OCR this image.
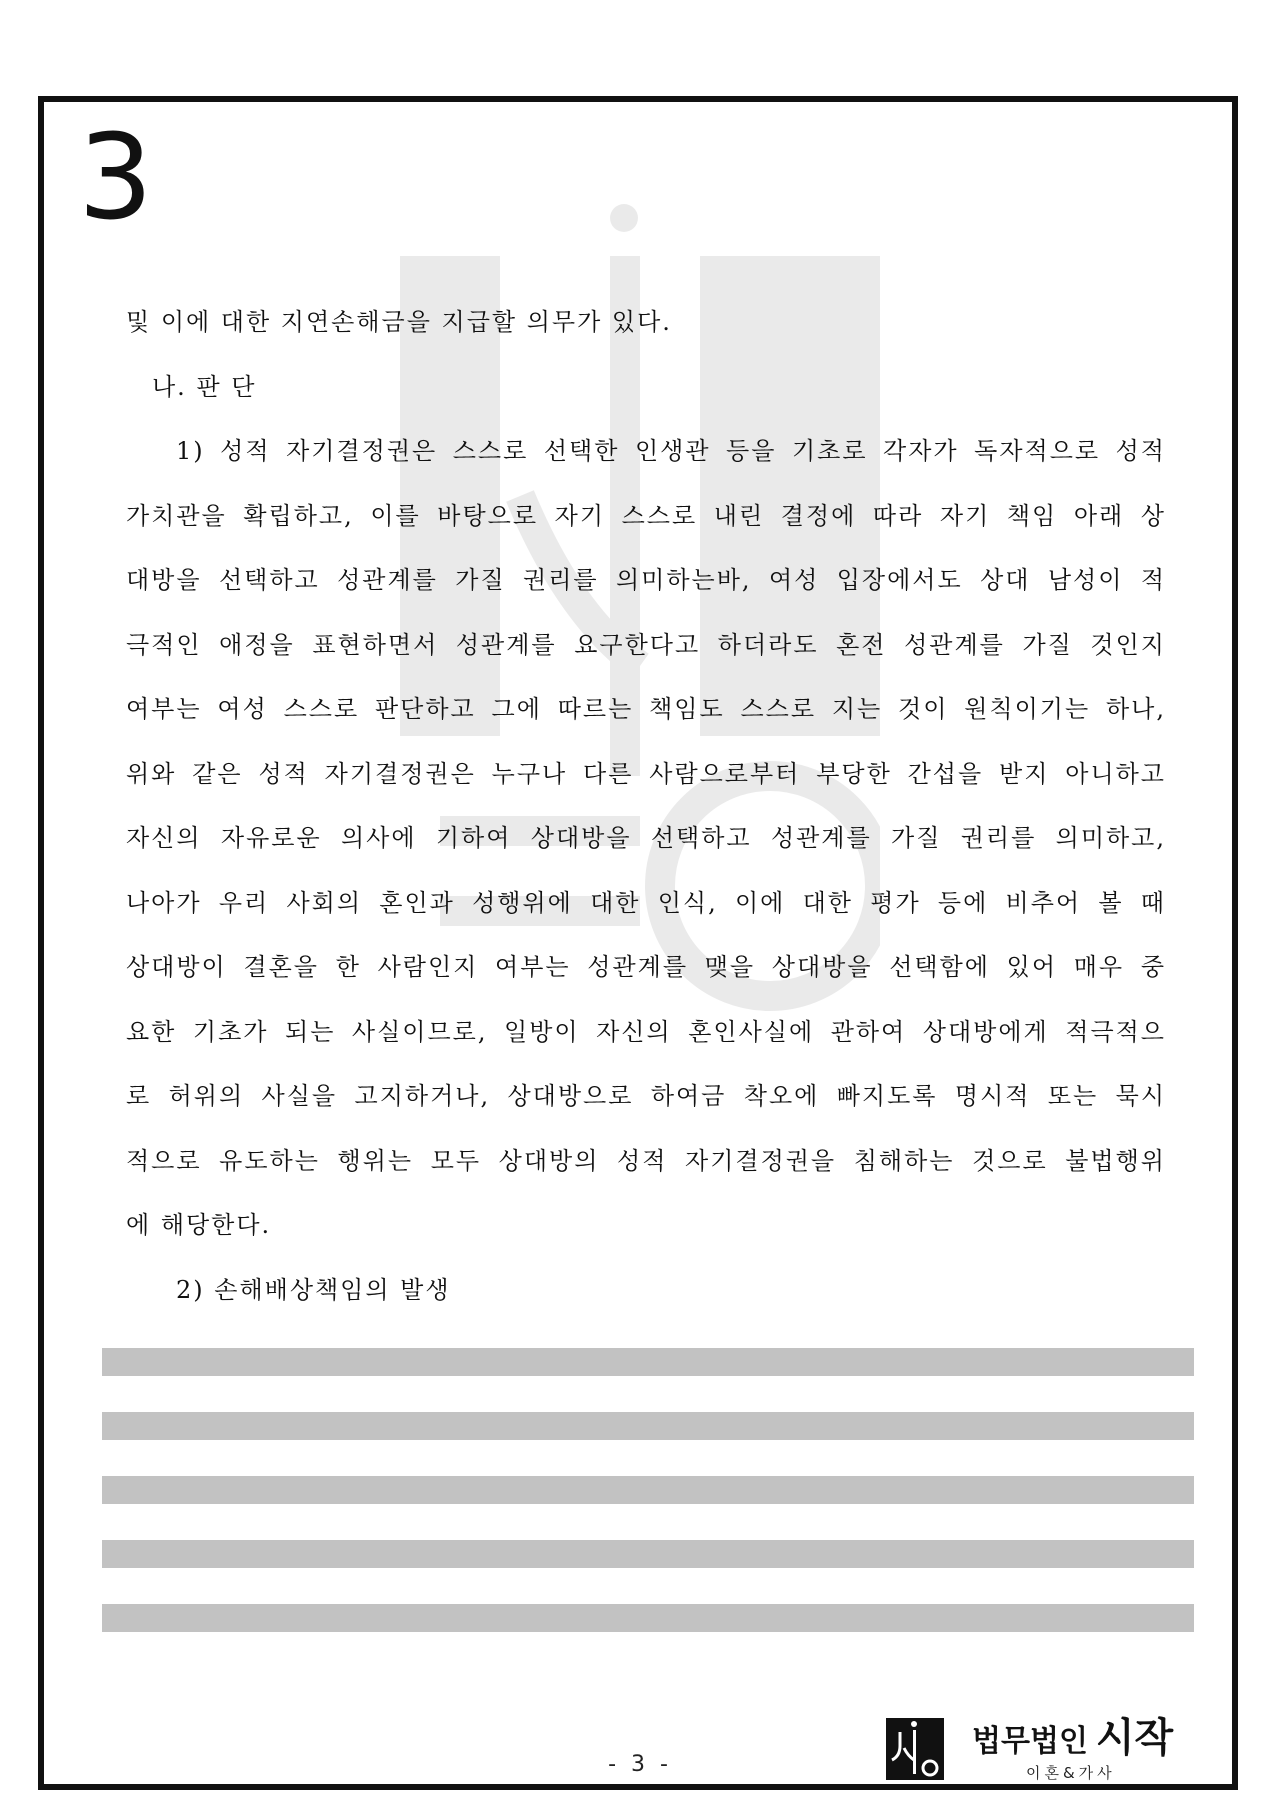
3
및 이에 대한 지연손해금을 지급할 의무가 있다.
나. 판 단
1) 성적 자기결정권은 스스로 선택한 인생관 등을 기초로 각자가 독자적으로 성적
가치관을 확립하고, 이를 바탕으로 자기 스스로 내린 결정에 따라 자기 책임 아래 상
대방을 선택하고 성관계를 가질 권리를 의미하는바, 여성 입장에서도 상대 남성이 적
극적인 애정을 표현하면서 성관계를 요구한다고 하더라도 혼전 성관계를 가질 것인지
여부는 여성 스스로 판단하고 그에 따르는 책임도 스스로 지는 것이 원칙이기는 하나,
위와 같은 성적 자기결정권은 누구나 다른 사람으로부터 부당한 간섭을 받지 아니하고
자신의 자유로운 의사에 기하여 상대방을 선택하고 성관계를 가질 권리를 의미하고,
나아가 우리 사회의 혼인과 성행위에 대한 인식, 이에 대한 평가 등에 비추어 볼 때
상대방이 결혼을 한 사람인지 여부는 성관계를 맺을 상대방을 선택함에 있어 매우 중
요한 기초가 되는 사실이므로, 일방이 자신의 혼인사실에 관하여 상대방에게 적극적으
로 허위의 사실을 고지하거나, 상대방으로 하여금 착오에 빠지도록 명시적 또는 묵시
적으로 유도하는 행위는 모두 상대방의 성적 자기결정권을 침해하는 것으로 불법행위
에 해당한다.
2) 손해배상책임의 발생
- 3 -
법무법인 시작
이혼&가사
